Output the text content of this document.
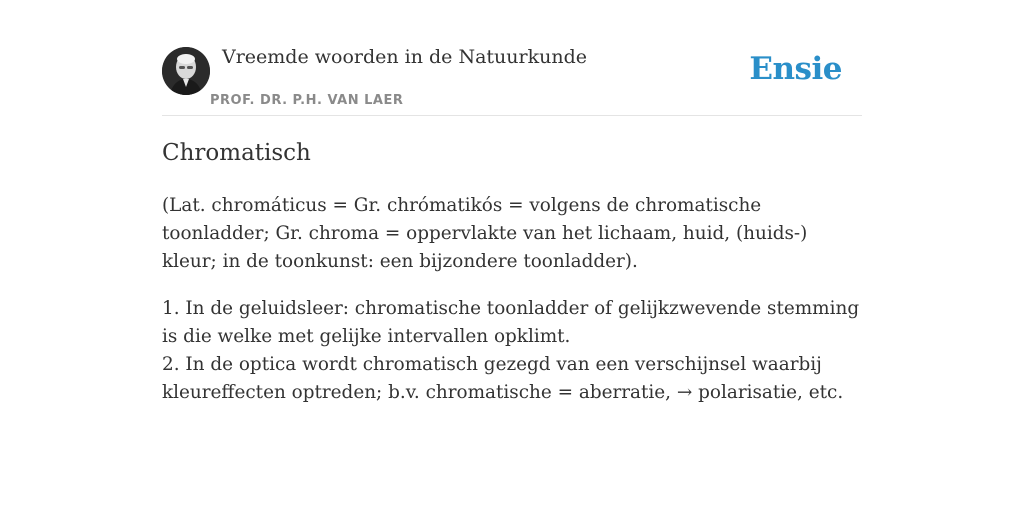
Vreemde woorden in de Natuurkunde
PROF. DR. P.H. VAN LAER
Ensie
Chromatisch

(Lat. chromáticus = Gr. chrómatikós = volgens de chromatische toonladder; Gr. chroma = oppervlakte van het lichaam, huid, (huids-) kleur; in de toonkunst: een bijzondere toonladder).

1. In de geluidsleer: chromatische toonladder of gelijkzwevende stemming is die welke met gelijke intervallen opklimt.
2. In de optica wordt chromatisch gezegd van een verschijnsel waarbij kleureffecten optreden; b.v. chromatische = aberratie, → polarisatie, etc.
